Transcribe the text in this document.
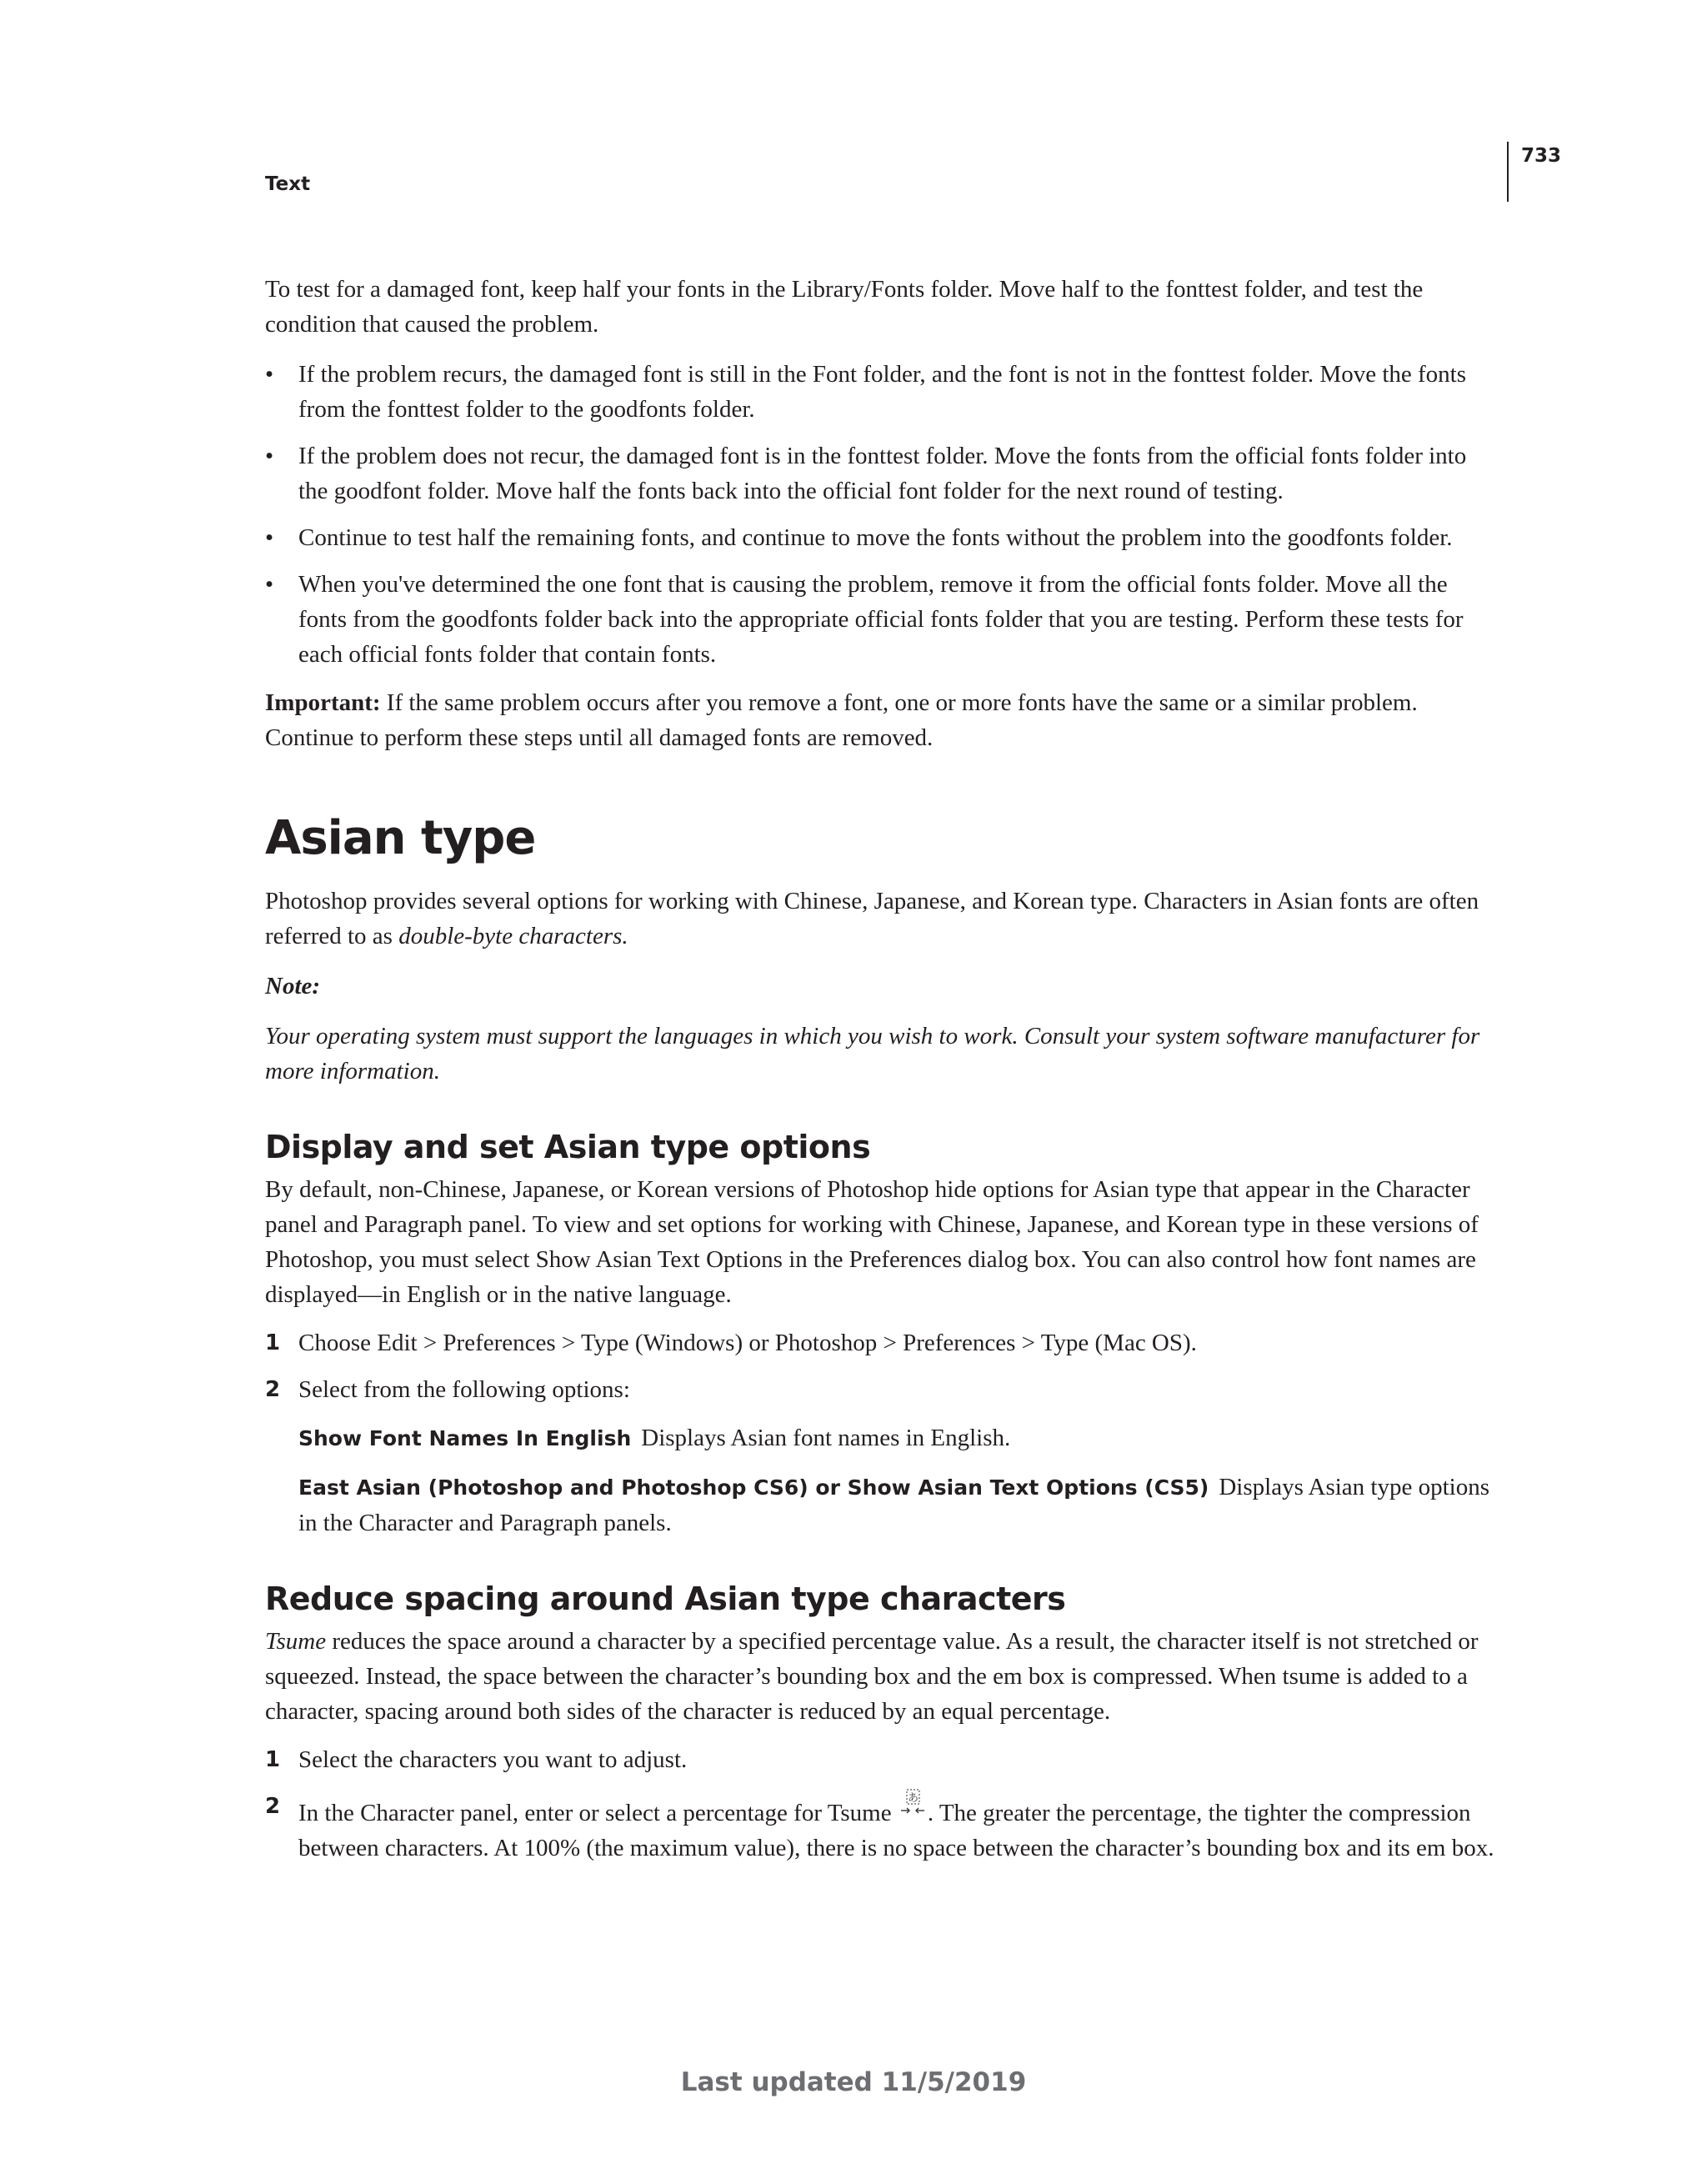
Text
733

To test for a damaged font, keep half your fonts in the Library/Fonts folder. Move half to the fonttest folder, and test the condition that caused the problem.

•	If the problem recurs, the damaged font is still in the Font folder, and the font is not in the fonttest folder. Move the fonts from the fonttest folder to the goodfonts folder.
•	If the problem does not recur, the damaged font is in the fonttest folder. Move the fonts from the official fonts folder into the goodfont folder. Move half the fonts back into the official font folder for the next round of testing.
•	Continue to test half the remaining fonts, and continue to move the fonts without the problem into the goodfonts folder.
•	When you've determined the one font that is causing the problem, remove it from the official fonts folder. Move all the fonts from the goodfonts folder back into the appropriate official fonts folder that you are testing. Perform these tests for each official fonts folder that contain fonts.

Important: If the same problem occurs after you remove a font, one or more fonts have the same or a similar problem. Continue to perform these steps until all damaged fonts are removed.

Asian type

Photoshop provides several options for working with Chinese, Japanese, and Korean type. Characters in Asian fonts are often referred to as double-byte characters.

Note:

Your operating system must support the languages in which you wish to work. Consult your system software manufacturer for more information.

Display and set Asian type options

By default, non-Chinese, Japanese, or Korean versions of Photoshop hide options for Asian type that appear in the Character panel and Paragraph panel. To view and set options for working with Chinese, Japanese, and Korean type in these versions of Photoshop, you must select Show Asian Text Options in the Preferences dialog box. You can also control how font names are displayed—in English or in the native language.

1 Choose Edit > Preferences > Type (Windows) or Photoshop > Preferences > Type (Mac OS).
2 Select from the following options:
Show Font Names In English Displays Asian font names in English.
East Asian (Photoshop and Photoshop CS6) or Show Asian Text Options (CS5) Displays Asian type options in the Character and Paragraph panels.
Reduce spacing around Asian type characters

Tsume reduces the space around a character by a specified percentage value. As a result, the character itself is not stretched or squeezed. Instead, the space between the character’s bounding box and the em box is compressed. When tsume is added to a character, spacing around both sides of the character is reduced by an equal percentage.

1 Select the characters you want to adjust.
2 In the Character panel, enter or select a percentage for Tsume
あ
. The greater the percentage, the tighter the compression between characters. At 100% (the maximum value), there is no space between the character’s bounding box and its em box.
Last updated 11/5/2019
